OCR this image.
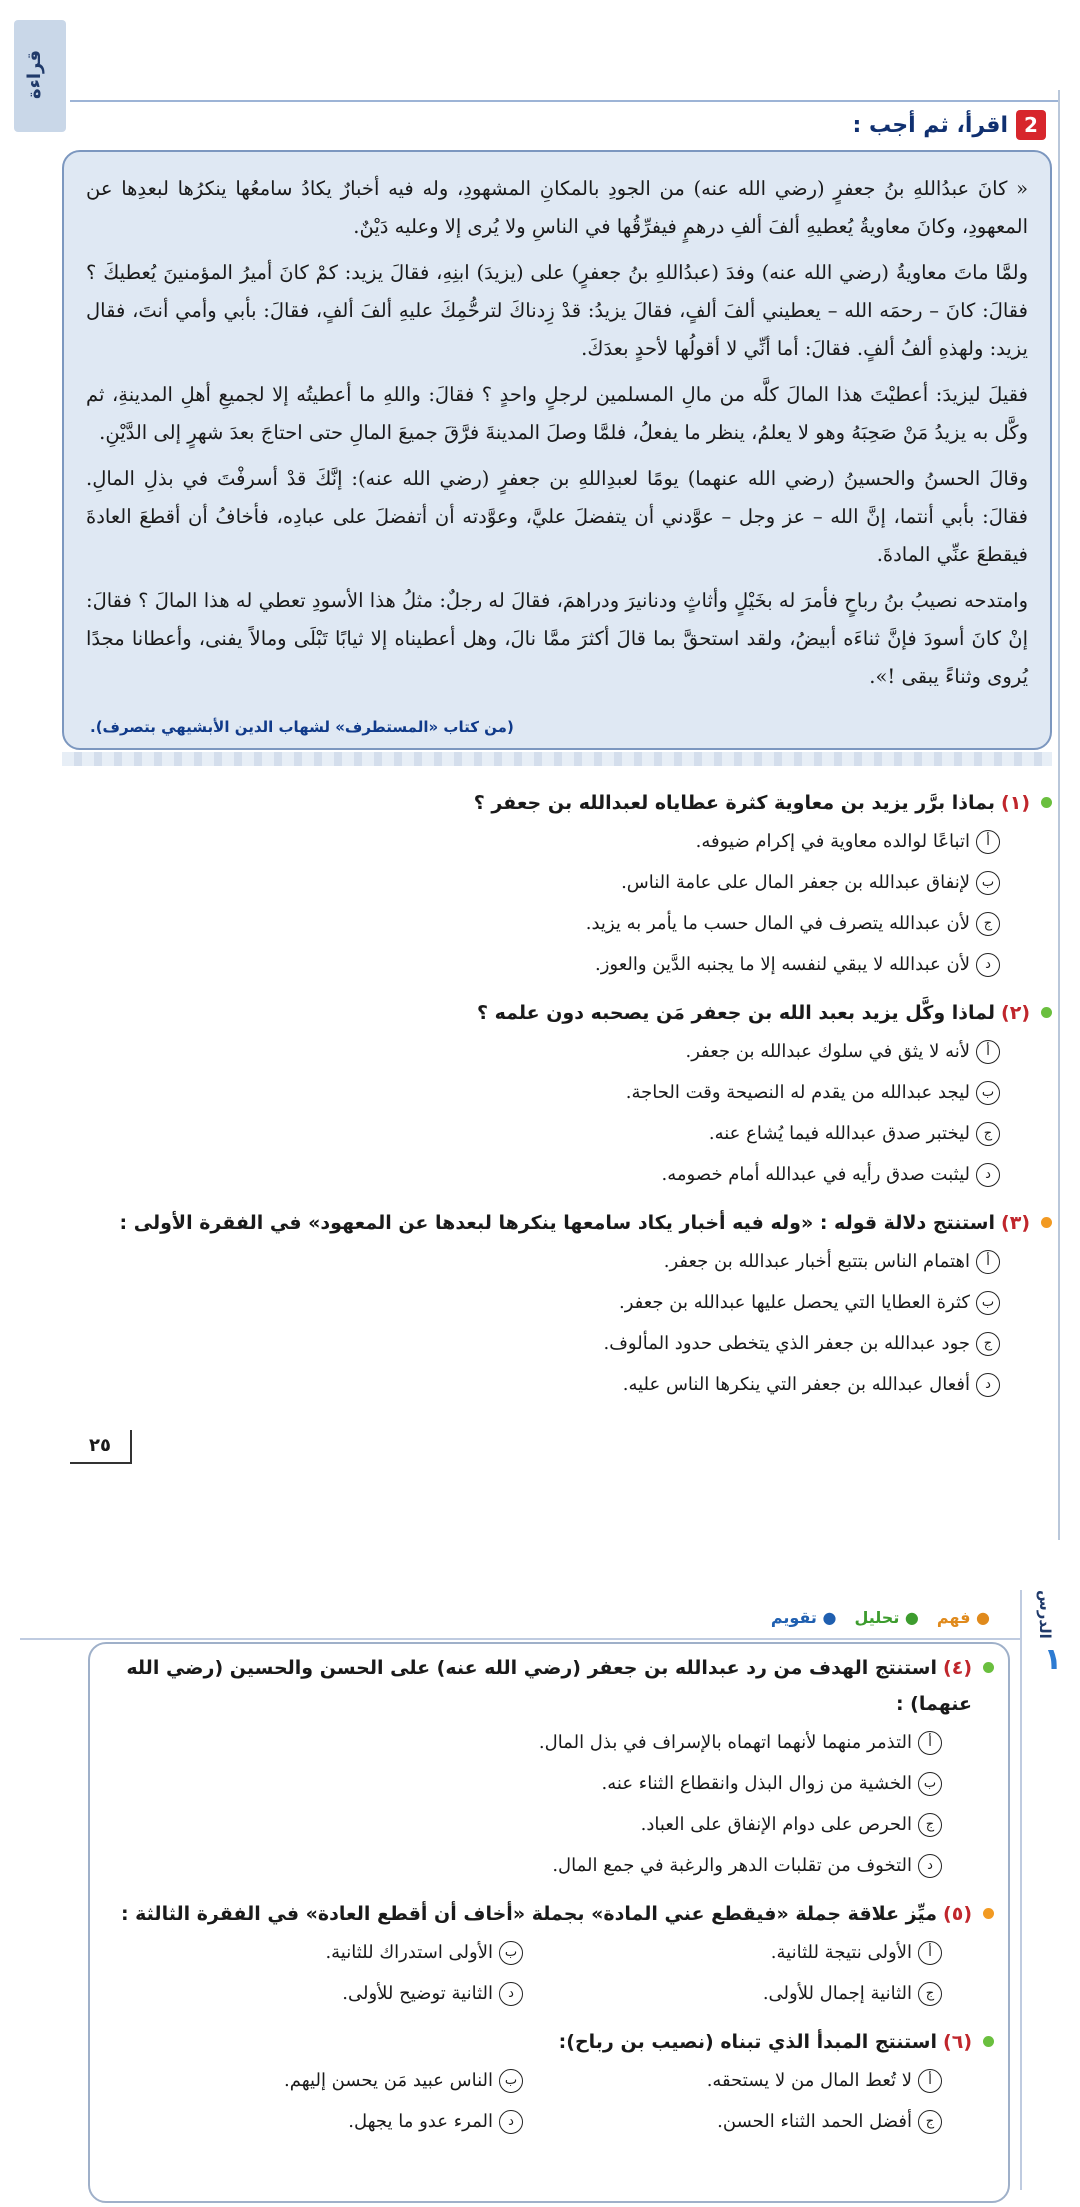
قراءة
2
اقرأ، ثم أجب :

« كانَ عبدُاللهِ بنُ جعفرٍ (رضي الله عنه) من الجودِ بالمكانِ المشهودِ، وله فيه أخبارٌ يكادُ سامعُها ينكرُها لبعدِها عن المعهودِ، وكانَ معاويةُ يُعطيهِ ألفَ ألفِ درهمٍ فيفرِّقُها في الناسِ ولا يُرى إلا وعليه دَيْنٌ.

ولمَّا ماتَ معاويةُ (رضي الله عنه) وفدَ (عبدُاللهِ بنُ جعفرٍ) على (يزيدَ) ابنِهِ، فقالَ يزيد: كمْ كانَ أميرُ المؤمنينَ يُعطيكَ ؟ فقالَ: كانَ – رحمَه الله – يعطيني ألفَ ألفٍ، فقالَ يزيدُ: قدْ زِدناكَ لترحُّمِكَ عليهِ ألفَ ألفٍ، فقالَ: بأبي وأمي أنتَ، فقال يزيد: ولهذهِ ألفُ ألفٍ. فقالَ: أما أنِّي لا أقولُها لأحدٍ بعدَكَ.

فقيلَ ليزيدَ: أعطيْتَ هذا المالَ كلَّه من مالِ المسلمين لرجلٍ واحدٍ ؟ فقالَ: واللهِ ما أعطيتُه إلا لجميعِ أهلِ المدينةِ، ثم وكَّل به يزيدُ مَنْ صَحِبَهُ وهو لا يعلمُ، ينظر ما يفعلُ، فلمَّا وصلَ المدينةَ فرَّقَ جميعَ المالِ حتى احتاجَ بعدَ شهرٍ إلى الدَّيْنِ.

وقالَ الحسنُ والحسينُ (رضي الله عنهما) يومًا لعبدِاللهِ بن جعفرٍ (رضي الله عنه): إنَّكَ قدْ أسرفْتَ في بذلِ المالِ. فقالَ: بأبي أنتما، إنَّ الله – عز وجل – عوَّدني أن يتفضلَ عليَّ، وعوَّدته أن أتفضلَ على عبادِه، فأخافُ أن أقطعَ العادةَ فيقطعَ عنِّي المادةَ.

وامتدحه نصيبُ بنُ رباحٍ فأمرَ له بخَيْلٍ وأثاثٍ ودنانيرَ ودراهمَ، فقالَ له رجلٌ: مثلُ هذا الأسودِ تعطي له هذا المالَ ؟ فقالَ: إنْ كانَ أسودَ فإنَّ ثناءَه أبيضُ، ولقد استحقَّ بما قالَ أكثرَ ممَّا نالَ، وهل أعطيناه إلا ثيابًا تَبْلَى ومالاً يفنى، وأعطانا مجدًا يُروى وثناءً يبقى !».

(من كتاب «المستطرف» لشهاب الدين الأبشيهي بتصرف).
(١)بماذا برَّر يزيد بن معاوية كثرة عطاياه لعبدالله بن جعفر ؟
أاتباعًا لوالده معاوية في إكرام ضيوفه.
بلإنفاق عبدالله بن جعفر المال على عامة الناس.
جلأن عبدالله يتصرف في المال حسب ما يأمر به يزيد.
دلأن عبدالله لا يبقي لنفسه إلا ما يجنبه الدَّين والعوز.
(٢)لماذا وكَّل يزيد بعبد الله بن جعفر مَن يصحبه دون علمه ؟
ألأنه لا يثق في سلوك عبدالله بن جعفر.
بليجد عبدالله من يقدم له النصيحة وقت الحاجة.
جليختبر صدق عبدالله فيما يُشاع عنه.
دليثبت صدق رأيه في عبدالله أمام خصومه.
(٣)استنتج دلالة قوله : «وله فيه أخبار يكاد سامعها ينكرها لبعدها عن المعهود» في الفقرة الأولى :
أاهتمام الناس بتتبع أخبار عبدالله بن جعفر.
بكثرة العطايا التي يحصل عليها عبدالله بن جعفر.
ججود عبدالله بن جعفر الذي يتخطى حدود المألوف.
دأفعال عبدالله بن جعفر التي ينكرها الناس عليه.
٢٥
الدرس
١
● فهم
● تحليل
● تقويم
(٤)استنتج الهدف من رد عبدالله بن جعفر (رضي الله عنه) على الحسن والحسين (رضي الله عنهما) :
أالتذمر منهما لأنهما اتهماه بالإسراف في بذل المال.
بالخشية من زوال البذل وانقطاع الثناء عنه.
جالحرص على دوام الإنفاق على العباد.
دالتخوف من تقلبات الدهر والرغبة في جمع المال.
(٥)ميِّز علاقة جملة «فيقطع عني المادة» بجملة «أخاف أن أقطع العادة» في الفقرة الثالثة :
أالأولى نتيجة للثانية.
بالأولى استدراك للثانية.
جالثانية إجمال للأولى.
دالثانية توضيح للأولى.
(٦)استنتج المبدأ الذي تبناه (نصيب بن رباح):
ألا تُعط المال من لا يستحقه.
بالناس عبيد مَن يحسن إليهم.
جأفضل الحمد الثناء الحسن.
دالمرء عدو ما يجهل.
